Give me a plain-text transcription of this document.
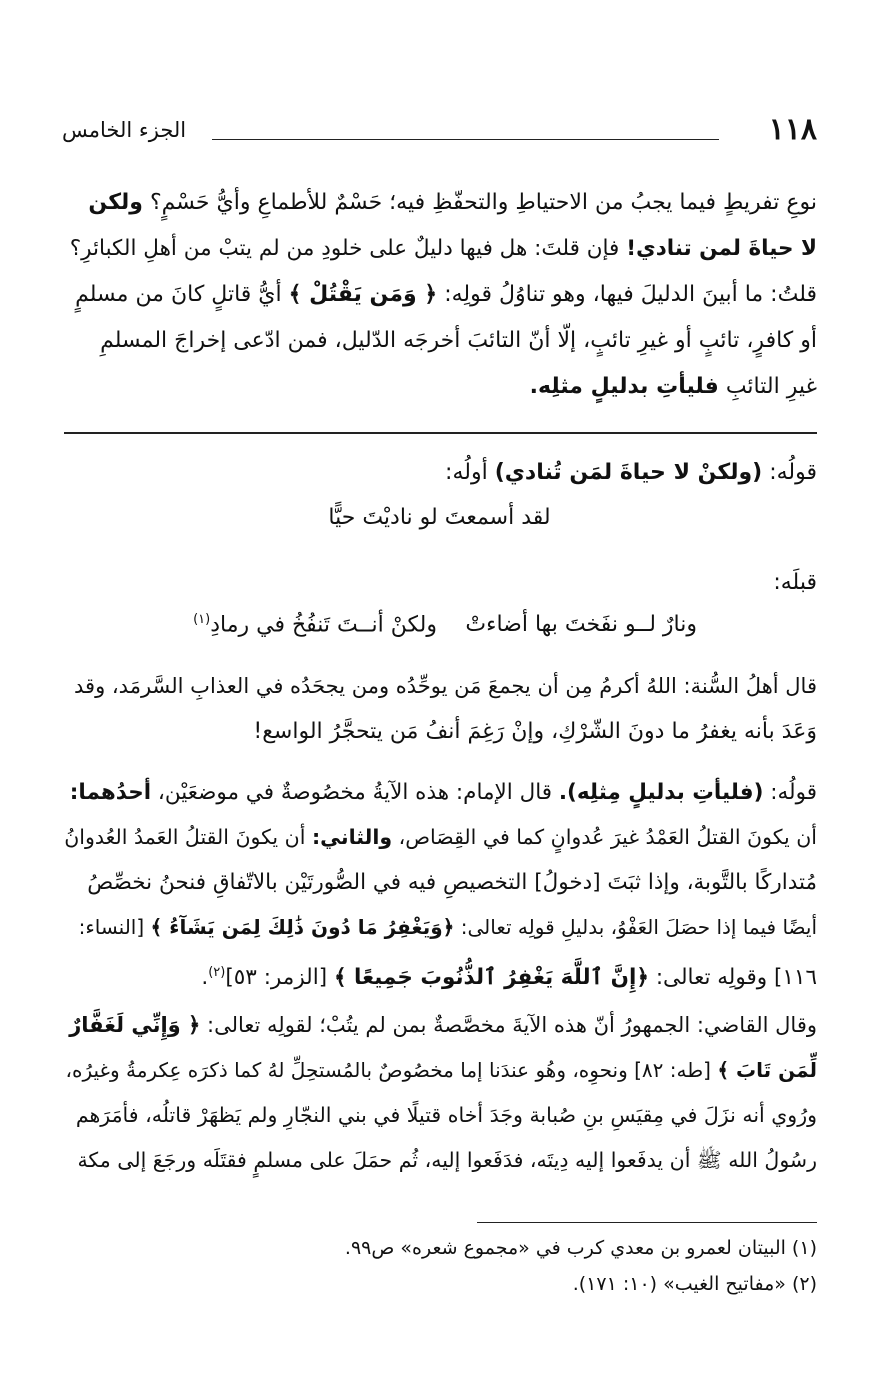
١١٨
الجزء الخامس
نوعِ تفريطٍ فيما يجبُ من الاحتياطِ والتحفّظِ فيه؛ حَسْمٌ للأطماعِ وأيُّ حَسْمٍ؟ ولكن
لا حياةَ لمن تنادي! فإن قلتَ: هل فيها دليلٌ على خلودِ من لم يتبْ من أهلِ الكبائرِ؟
قلتُ: ما أبينَ الدليلَ فيها، وهو تناوُلُ قولِه: ﴿ وَمَن يَقْتُلْ ﴾ أيُّ قاتلٍ كانَ من مسلمٍ
أو كافرٍ، تائبٍ أو غيرِ تائبٍ، إلّا أنّ التائبَ أخرجَه الدّليل، فمن ادّعى إخراجَ المسلمِ
غيرِ التائبِ فليأتِ بدليلٍ مثلِه.
قولُه: (ولكنْ لا حياةَ لمَن تُنادي) أولُه:
لقد أسمعتَ لو ناديْتَ حيًّا
قبلَه:
ونارٌ لــو نفَختَ بها أضاءتْ
ولكنْ أنــتَ تَنفُخُ في رمادِ$^{(١)}$
قال أهلُ السُّنة: اللهُ أكرمُ مِن أن يجمعَ مَن يوحِّدُه ومن يجحَدُه في العذابِ السَّرمَد، وقد
وَعَدَ بأنه يغفرُ ما دونَ الشّرْكِ، وإنْ رَغِمَ أنفُ مَن يتحجَّرُ الواسع!
قولُه: (فليأتِ بدليلٍ مِثلِه). قال الإمام: هذه الآيةُ مخصُوصةٌ في موضعَيْن، أحدُهما:
أن يكونَ القتلُ العَمْدُ غيرَ عُدوانٍ كما في القِصَاص، والثاني: أن يكونَ القتلُ العَمدُ العُدوانُ
مُتداركًا بالتَّوبة، وإذا ثبَتَ [دخولُ] التخصيصِ فيه في الصُّورتَيْن بالاتّفاقِ فنحنُ نخصِّصُ
أيضًا فيما إذا حصَلَ العَفْوُ، بدليلِ قولِه تعالى: ﴿وَيَغْفِرُ مَا دُونَ ذَٰلِكَ لِمَن يَشَآءُ ﴾ [النساء:
١١٦] وقولِه تعالى: ﴿إِنَّ ٱللَّهَ يَغْفِرُ ٱلذُّنُوبَ جَمِيعًا ﴾ [الزمر: ٥٣]$^{(٢)}$.
وقال القاضي: الجمهورُ أنّ هذه الآيةَ مخصَّصةٌ بمن لم يتُبْ؛ لقولِه تعالى: ﴿ وَإِنِّي لَغَفَّارٌ
لِّمَن تَابَ ﴾ [طه: ٨٢] ونحوِه، وهُو عندَنا إما مخصُوصٌ بالمُستحِلِّ لهُ كما ذكرَه عِكرمةُ وغيرُه،
ورُوي أنه نزَلَ في مِقيَسِ بنِ صُبابة وجَدَ أخاه قتيلًا في بني النجّارِ ولم يَظهَرْ قاتلُه، فأمَرَهم
رسُولُ الله ﷺ أن يدفَعوا إليه دِيتَه، فدَفَعوا إليه، ثُم حمَلَ على مسلمٍ فقتَلَه ورجَعَ إلى مكة
(١) البيتان لعمرو بن معدي كرب في «مجموع شعره» ص٩٩.
(٢) «مفاتيح الغيب» (١٠: ١٧١).
